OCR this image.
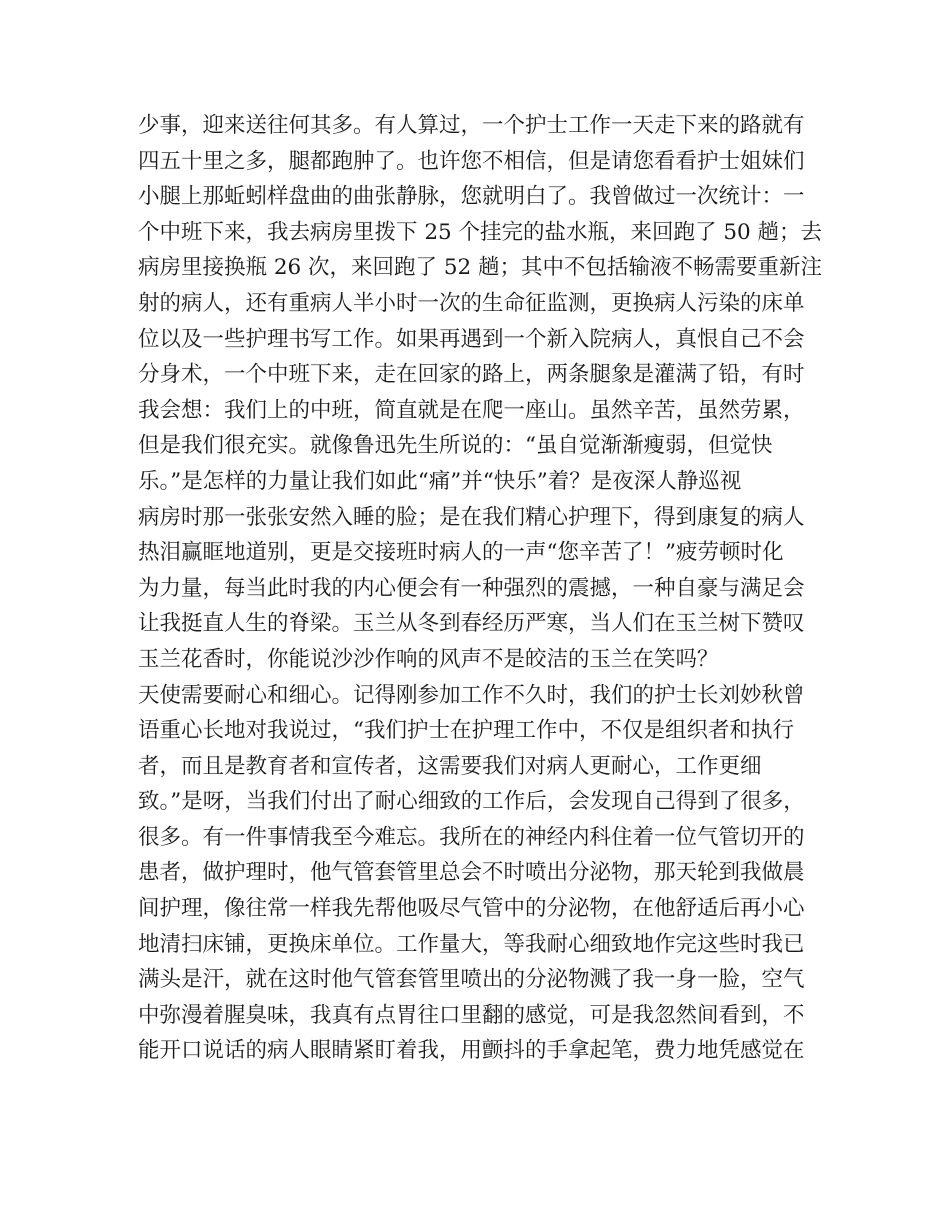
少事，迎来送往何其多。有人算过，一个护士工作一天走下来的路就有
四五十里之多，腿都跑肿了。也许您不相信，但是请您看看护士姐妹们
小腿上那蚯蚓样盘曲的曲张静脉，您就明白了。我曾做过一次统计：一
个中班下来，我去病房里拨下 25 个挂完的盐水瓶，来回跑了 50 趟；去
病房里接换瓶 26 次，来回跑了 52 趟；其中不包括输液不畅需要重新注
射的病人，还有重病人半小时一次的生命征监测，更换病人污染的床单
位以及一些护理书写工作。如果再遇到一个新入院病人，真恨自己不会
分身术，一个中班下来，走在回家的路上，两条腿象是灌满了铅，有时
我会想：我们上的中班，简直就是在爬一座山。虽然辛苦，虽然劳累，
但是我们很充实。就像鲁迅先生所说的：“虽自觉渐渐瘦弱，但觉快
乐。”是怎样的力量让我们如此“痛”并“快乐”着？是夜深人静巡视
病房时那一张张安然入睡的脸；是在我们精心护理下，得到康复的病人
热泪赢眶地道别，更是交接班时病人的一声“您辛苦了！”疲劳顿时化
为力量，每当此时我的内心便会有一种强烈的震撼，一种自豪与满足会
让我挺直人生的脊梁。玉兰从冬到春经历严寒，当人们在玉兰树下赞叹
玉兰花香时，你能说沙沙作响的风声不是皎洁的玉兰在笑吗？
天使需要耐心和细心。记得刚参加工作不久时，我们的护士长刘妙秋曾
语重心长地对我说过，“我们护士在护理工作中，不仅是组织者和执行
者，而且是教育者和宣传者，这需要我们对病人更耐心，工作更细
致。”是呀，当我们付出了耐心细致的工作后，会发现自己得到了很多，
很多。有一件事情我至今难忘。我所在的神经内科住着一位气管切开的
患者，做护理时，他气管套管里总会不时喷出分泌物，那天轮到我做晨
间护理，像往常一样我先帮他吸尽气管中的分泌物，在他舒适后再小心
地清扫床铺，更换床单位。工作量大，等我耐心细致地作完这些时我已
满头是汗，就在这时他气管套管里喷出的分泌物溅了我一身一脸，空气
中弥漫着腥臭味，我真有点胃往口里翻的感觉，可是我忽然间看到，不
能开口说话的病人眼睛紧盯着我，用颤抖的手拿起笔，费力地凭感觉在
